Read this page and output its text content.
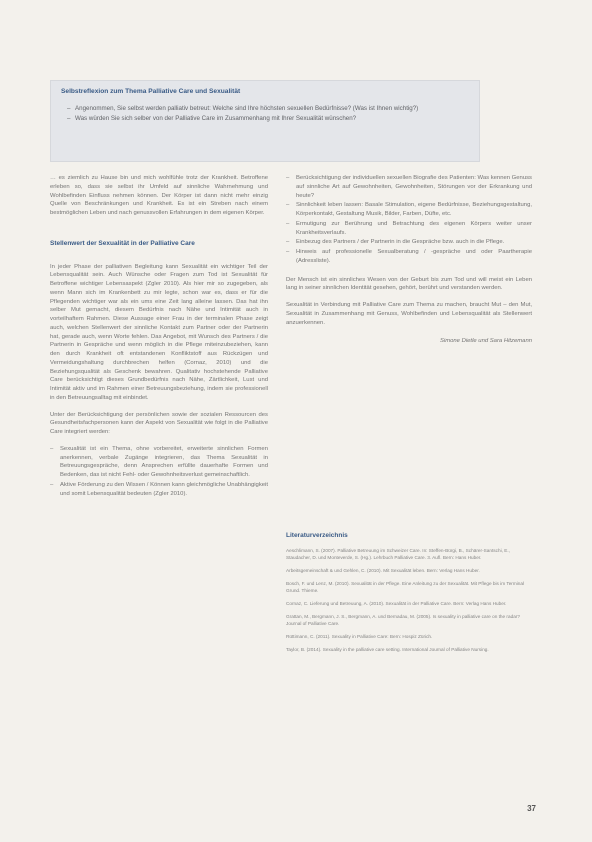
Selbstreflexion zum Thema Palliative Care und Sexualität

– Angenommen, Sie selbst werden palliativ betreut: Welche sind Ihre höchsten sexuellen Bedürfnisse? (Was ist Ihnen wichtig?)

– Was würden Sie sich selber von der Palliative Care im Zusammenhang mit Ihrer Sexualität wünschen?

… es ziemlich zu Hause bin und mich wohlfühle trotz der Krankheit. Betroffene erleben so, dass sie selbst ihr Umfeld auf sinnliche Wahrnehmung und Wohlbefinden Einfluss nehmen können. Der Körper ist dann nicht mehr einzig Quelle von Beschränkungen und Krankheit. Es ist ein Streben nach einem bestmöglichen Leben und nach genussvollen Erfahrungen in dem eigenen Körper.

Stellenwert der Sexualität in der Palliative Care

In jeder Phase der palliativen Begleitung kann Sexualität ein wichtiger Teil der Lebensqualität sein. Auch Wünsche oder Fragen zum Tod ist Sexualität für Betroffene wichtiger Lebensaspekt (Zgler 2010). Als hier mir so zugegeben, als wenn Mann sich im Krankenbett zu mir legte, schon war es, dass er für die Pflegenden wichtiger war als ein ums eine Zeit lang alleine lassen. Das hat ihn selber Mut gemacht, diesem Bedürfnis nach Nähe und Intimität auch in vorteilhaftem Rahmen. Diese Aussage einer Frau in der terminalen Phase zeigt auch, welchen Stellenwert der sinnliche Kontakt zum Partner oder der Partnerin hat, gerade auch, wenn Worte fehlen. Das Angebot, mit Wunsch des Partners / die Partnerin in Gespräche und wenn möglich in die Pflege miteinzubeziehen, kann den durch Krankheit oft entstandenen Konfliktstoff aus Rückzügen und Vermeidungshaltung durchbrechen helfen (Cornaz, 2010) und die Beziehungsqualität als Geschenk bewahren. Qualitativ hochstehende Palliative Care berücksichtigt dieses Grundbedürfnis nach Nähe, Zärtlichkeit, Lust und Intimität aktiv und im Rahmen einer Betreuungsbeziehung, indem sie professionell in den Betreuungsalltag mit einbindet.

Unter der Berücksichtigung der persönlichen sowie der sozialen Ressourcen des Gesundheitsfachpersonen kann der Aspekt von Sexualität wie folgt in die Palliative Care integriert werden:

– Sexualität ist ein Thema, ohne vorbereitet, erweiterte sinnlichen Formen anerkennen, verbale Zugänge integrieren, das Thema Sexualität in Betreuungsgespräche, denn Ansprechen erfüllte dauerhafte Formen und Bedenken, das ist nicht Fehl- oder Gewohnheitsverlust gemeinschaftlich.

– Aktive Förderung zu den Wissen / Können kann gleichmögliche Unabhängigkeit und somit Lebensqualität bedeuten (Zgler 2010).

– Berücksichtigung der individuellen sexuellen Biografie des Patienten: Was kennen Genuss auf sinnliche Art auf Gewohnheiten, Gewohnheiten, Störungen vor der Erkrankung und heute?

– Sinnlichkeit leben lassen: Basale Stimulation, eigene Bedürfnisse, Beziehungsgestaltung, Körperkontakt, Gestaltung Musik, Bilder, Farben, Düfte, etc.

– Ermutigung zur Berührung und Betrachtung des eigenen Körpers weiter unser Krankheitsverlaufs.

– Einbezug des Partners / der Partnerin in die Gespräche bzw. auch in die Pflege.

– Hinweis auf professionelle Sexualberatung / -gespräche und oder Paartherapie (Adressliste).

Der Mensch ist ein sinnliches Wesen von der Geburt bis zum Tod und will meist ein Leben lang in seiner sinnlichen Identität gesehen, gehört, berührt und verstanden werden.

Sexualität in Verbindung mit Palliative Care zum Thema zu machen, braucht Mut – den Mut, Sexualität in Zusammenhang mit Genuss, Wohlbefinden und Lebensqualität als Stellenwert anzuerkennen.

Simone Dietle und Sara Hitzemann

Literaturverzeichnis

Aeschlimann, S. (2007). Palliative Betreuung im Schweizer Care. In: Steffen-Bürgi, B., Schärer-Santschi, E., Staudacher, D. und Monteverde, S. (Hg.). Lehrbuch Palliative Care. 3. Aufl. Bern: Hans Huber.

Arbeitsgemeinschaft & und Gehlen, C. (2010). Mit Sexualität leben. Bern: Verlag Hans Huber.

Bosch, F. und Lenz, M. (2010). Sexualität in der Pflege. Eine Anleitung zu der Sexualität. Mit Pflege bis im Terminal Grund. Thieme.

Cornaz, C. Lieferung und Betreuung, A. (2010). Sexualität in der Palliative Care. Bern: Verlag Hans Huber.

Grattan, M., Bergmann, J. S., Bergmann, A. und Bernadau, M. (2005). Is sexuality in palliative care on the radar? Journal of Palliative Care.

Rüttimann, C. (2011). Sexuality in Palliative Care: Bern: Hospiz Zürich.

Taylor, B. (2014). Sexuality in the palliative care setting. International Journal of Palliative Nursing.

37
